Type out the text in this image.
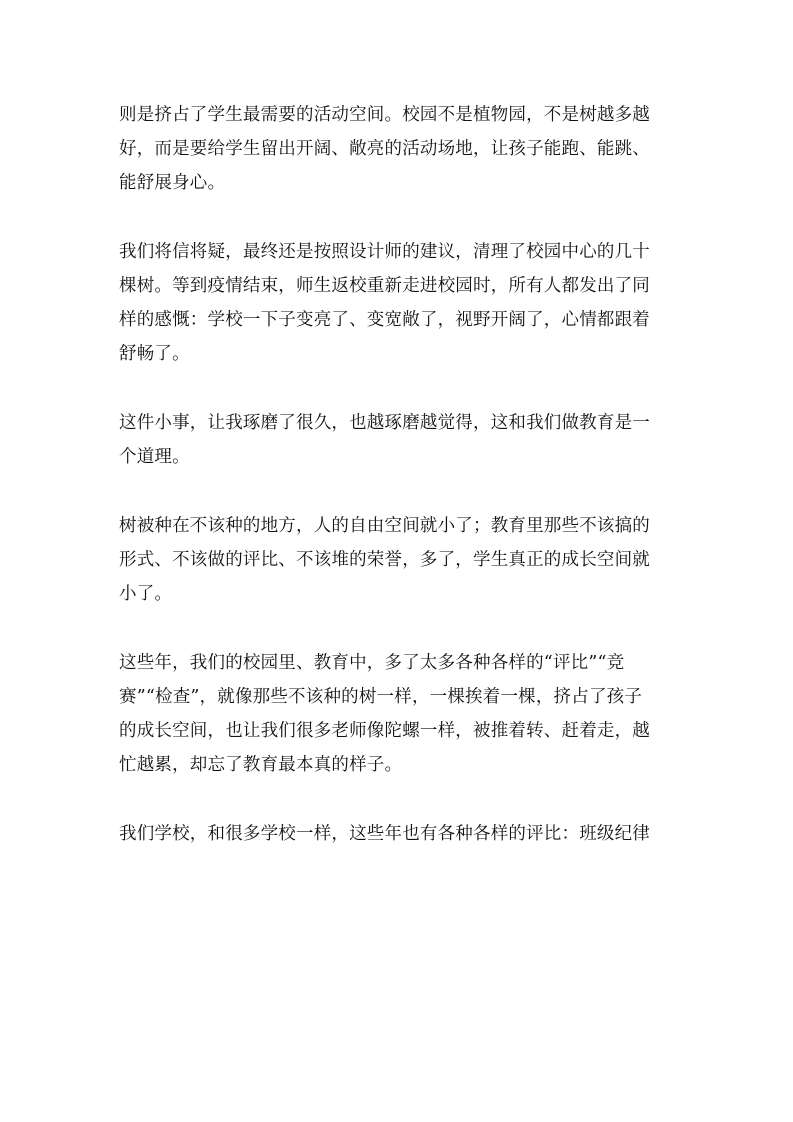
则是挤占了学生最需要的活动空间。校园不是植物园，不是树越多越
好，而是要给学生留出开阔、敞亮的活动场地，让孩子能跑、能跳、
能舒展身心。

我们将信将疑，最终还是按照设计师的建议，清理了校园中心的几十
棵树。等到疫情结束，师生返校重新走进校园时，所有人都发出了同
样的感慨：学校一下子变亮了、变宽敞了，视野开阔了，心情都跟着
舒畅了。

这件小事，让我琢磨了很久，也越琢磨越觉得，这和我们做教育是一
个道理。

树被种在不该种的地方，人的自由空间就小了；教育里那些不该搞的
形式、不该做的评比、不该堆的荣誉，多了，学生真正的成长空间就
小了。

这些年，我们的校园里、教育中，多了太多各种各样的“评比”“竞
赛”“检查”，就像那些不该种的树一样，一棵挨着一棵，挤占了孩子
的成长空间，也让我们很多老师像陀螺一样，被推着转、赶着走，越
忙越累，却忘了教育最本真的样子。

我们学校，和很多学校一样，这些年也有各种各样的评比：班级纪律
